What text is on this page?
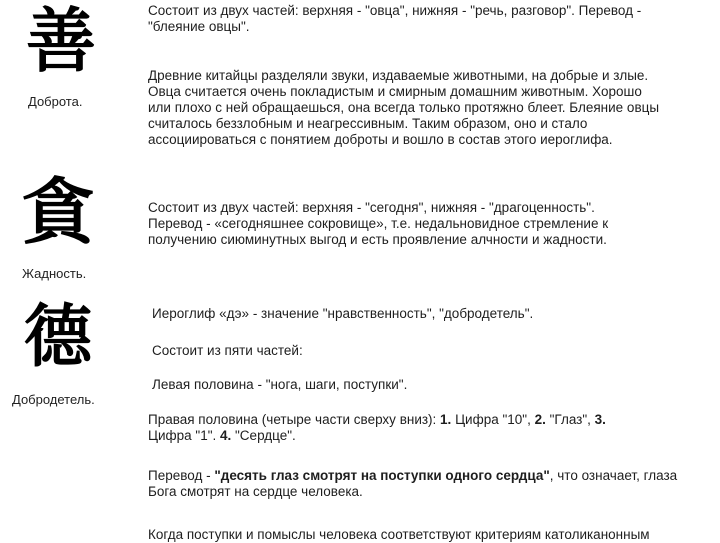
善
Доброта.
Состоит из двух частей: верхняя - "овца", нижняя - "речь, разговор". Перевод -
"блеяние овцы".
Древние китайцы разделяли звуки, издаваемые животными, на добрые и злые.
Овца считается очень покладистым и смирным домашним животным. Хорошо
или плохо с ней обращаешься, она всегда только протяжно блеет. Блеяние овцы
считалось беззлобным и неагрессивным. Таким образом, оно и стало
ассоциироваться с понятием доброты и вошло в состав этого иероглифа.
貪
Жадность.
Состоит из двух частей: верхняя - "сегодня", нижняя - "драгоценность".
Перевод - «сегодняшнее сокровище», т.е. недальновидное стремление к
получению сиюминутных выгод и есть проявление алчности и жадности.
德
Добродетель.
Иероглиф «дэ» - значение "нравственность", "добродетель".
Состоит из пяти частей:
Левая половина - "нога, шаги, поступки".
Правая половина (четыре части сверху вниз): 1. Цифра "10", 2. "Глаз", 3.
Цифра "1". 4. "Сердце".
Перевод - "десять глаз смотрят на поступки одного сердца", что означает, глаза
Бога смотрят на сердце человека.
Когда поступки и помыслы человека соответствуют критериям католиканонным
